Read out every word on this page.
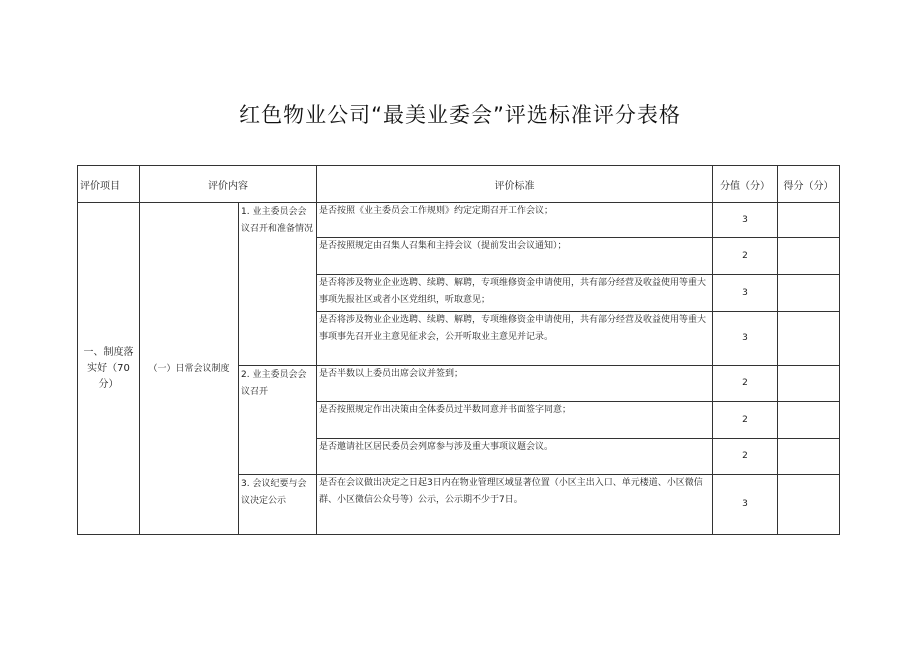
红色物业公司“最美业委会”评选标准评分表格
评价项目	评价内容		评价标准	分值（分）	得分（分）
一、制度落实好（70分）	（一）日常会议制度	1. 业主委员会会议召开和准备情况	是否按照《业主委员会工作规则》约定定期召开工作会议；	3	
			是否按照规定由召集人召集和主持会议（提前发出会议通知）；	2	
			是否将涉及物业企业选聘、续聘、解聘，专项维修资金申请使用，共有部分经营及收益使用等重大事项先报社区或者小区党组织，听取意见；	3	
			是否将涉及物业企业选聘、续聘、解聘，专项维修资金申请使用，共有部分经营及收益使用等重大事项事先召开业主意见征求会，公开听取业主意见并记录。	3	
		2. 业主委员会会议召开	是否半数以上委员出席会议并签到；	2	
			是否按照规定作出决策由全体委员过半数同意并书面签字同意；	2	
			是否邀请社区居民委员会列席参与涉及重大事项议题会议。	2	
		3. 会议纪要与会议决定公示	是否在会议做出决定之日起3日内在物业管理区域显著位置（小区主出入口、单元楼道、小区微信群、小区微信公众号等）公示，公示期不少于7日。	3	
